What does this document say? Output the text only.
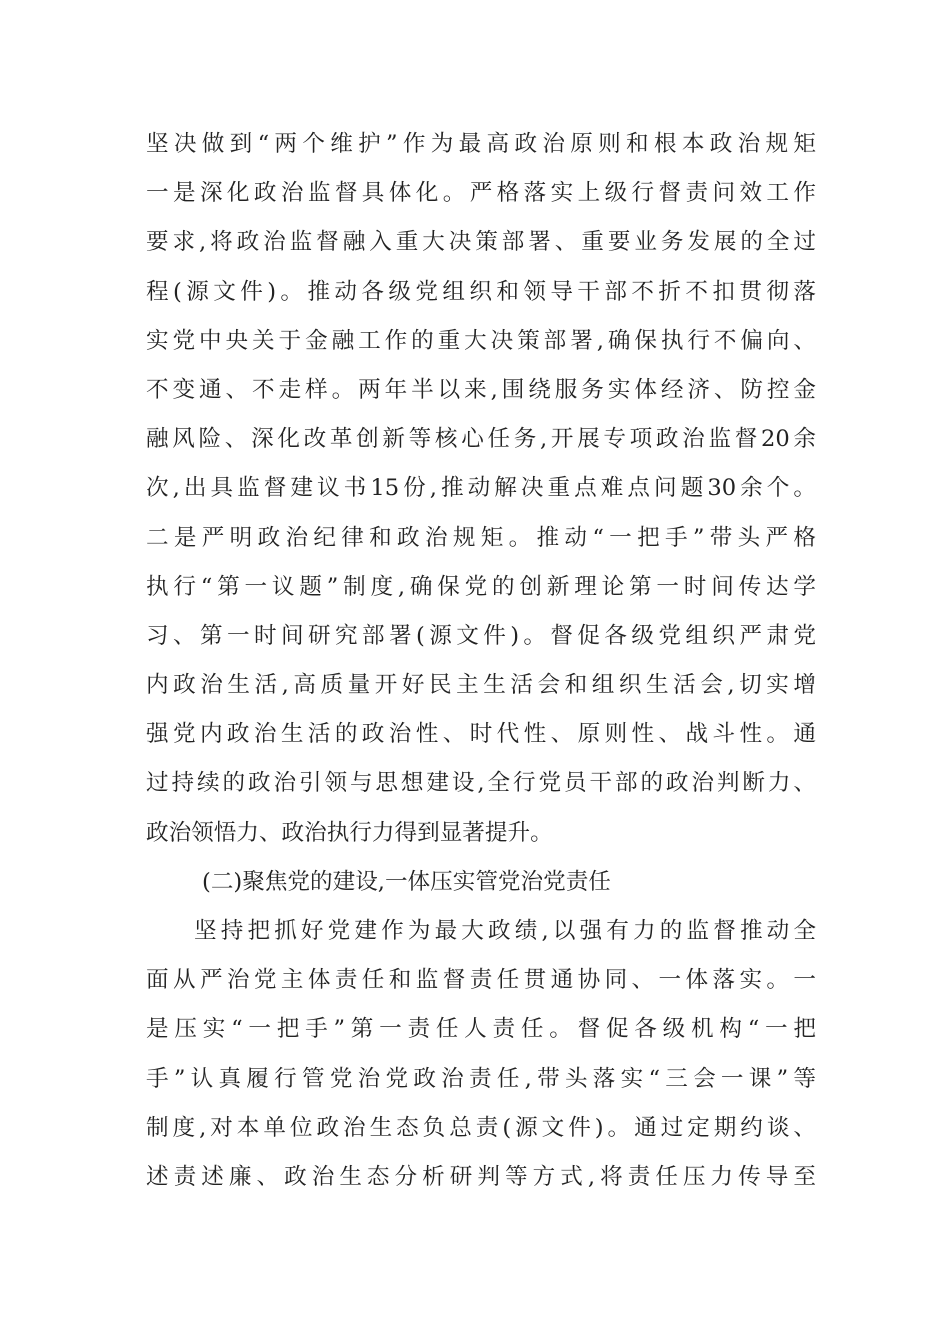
坚决做到“两个维护”作为最高政治原则和根本政治规矩
一是深化政治监督具体化。严格落实上级行督责问效工作
要求,将政治监督融入重大决策部署、重要业务发展的全过
程(源文件)。推动各级党组织和领导干部不折不扣贯彻落
实党中央关于金融工作的重大决策部署,确保执行不偏向、
不变通、不走样。两年半以来,围绕服务实体经济、防控金
融风险、深化改革创新等核心任务,开展专项政治监督20余
次,出具监督建议书15份,推动解决重点难点问题30余个。
二是严明政治纪律和政治规矩。推动“一把手”带头严格
执行“第一议题”制度,确保党的创新理论第一时间传达学
习、第一时间研究部署(源文件)。督促各级党组织严肃党
内政治生活,高质量开好民主生活会和组织生活会,切实增
强党内政治生活的政治性、时代性、原则性、战斗性。通
过持续的政治引领与思想建设,全行党员干部的政治判断力、
政治领悟力、政治执行力得到显著提升。
(二)聚焦党的建设,一体压实管党治党责任
坚持把抓好党建作为最大政绩,以强有力的监督推动全
面从严治党主体责任和监督责任贯通协同、一体落实。一
是压实“一把手”第一责任人责任。督促各级机构“一把
手”认真履行管党治党政治责任,带头落实“三会一课”等
制度,对本单位政治生态负总责(源文件)。通过定期约谈、
述责述廉、政治生态分析研判等方式,将责任压力传导至
